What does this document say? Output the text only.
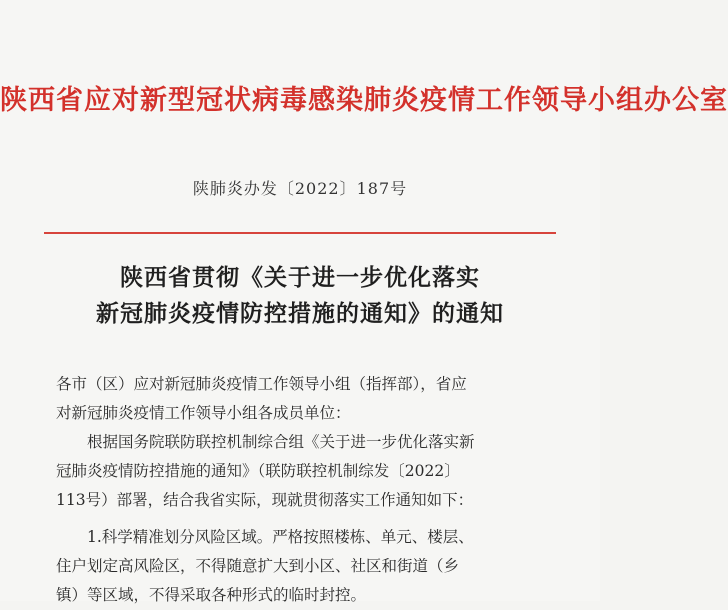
陕西省应对新型冠状病毒感染肺炎疫情工作领导小组办公室
陕肺炎办发〔2022〕187号
陕西省贯彻《关于进一步优化落实
新冠肺炎疫情防控措施的通知》的通知
各市（区）应对新冠肺炎疫情工作领导小组（指挥部），省应
对新冠肺炎疫情工作领导小组各成员单位：
　　根据国务院联防联控机制综合组《关于进一步优化落实新
冠肺炎疫情防控措施的通知》（联防联控机制综发〔2022〕
113号）部署，结合我省实际，现就贯彻落实工作通知如下：
　　1.科学精准划分风险区域。严格按照楼栋、单元、楼层、
住户划定高风险区，不得随意扩大到小区、社区和街道（乡
镇）等区域，不得采取各种形式的临时封控。
